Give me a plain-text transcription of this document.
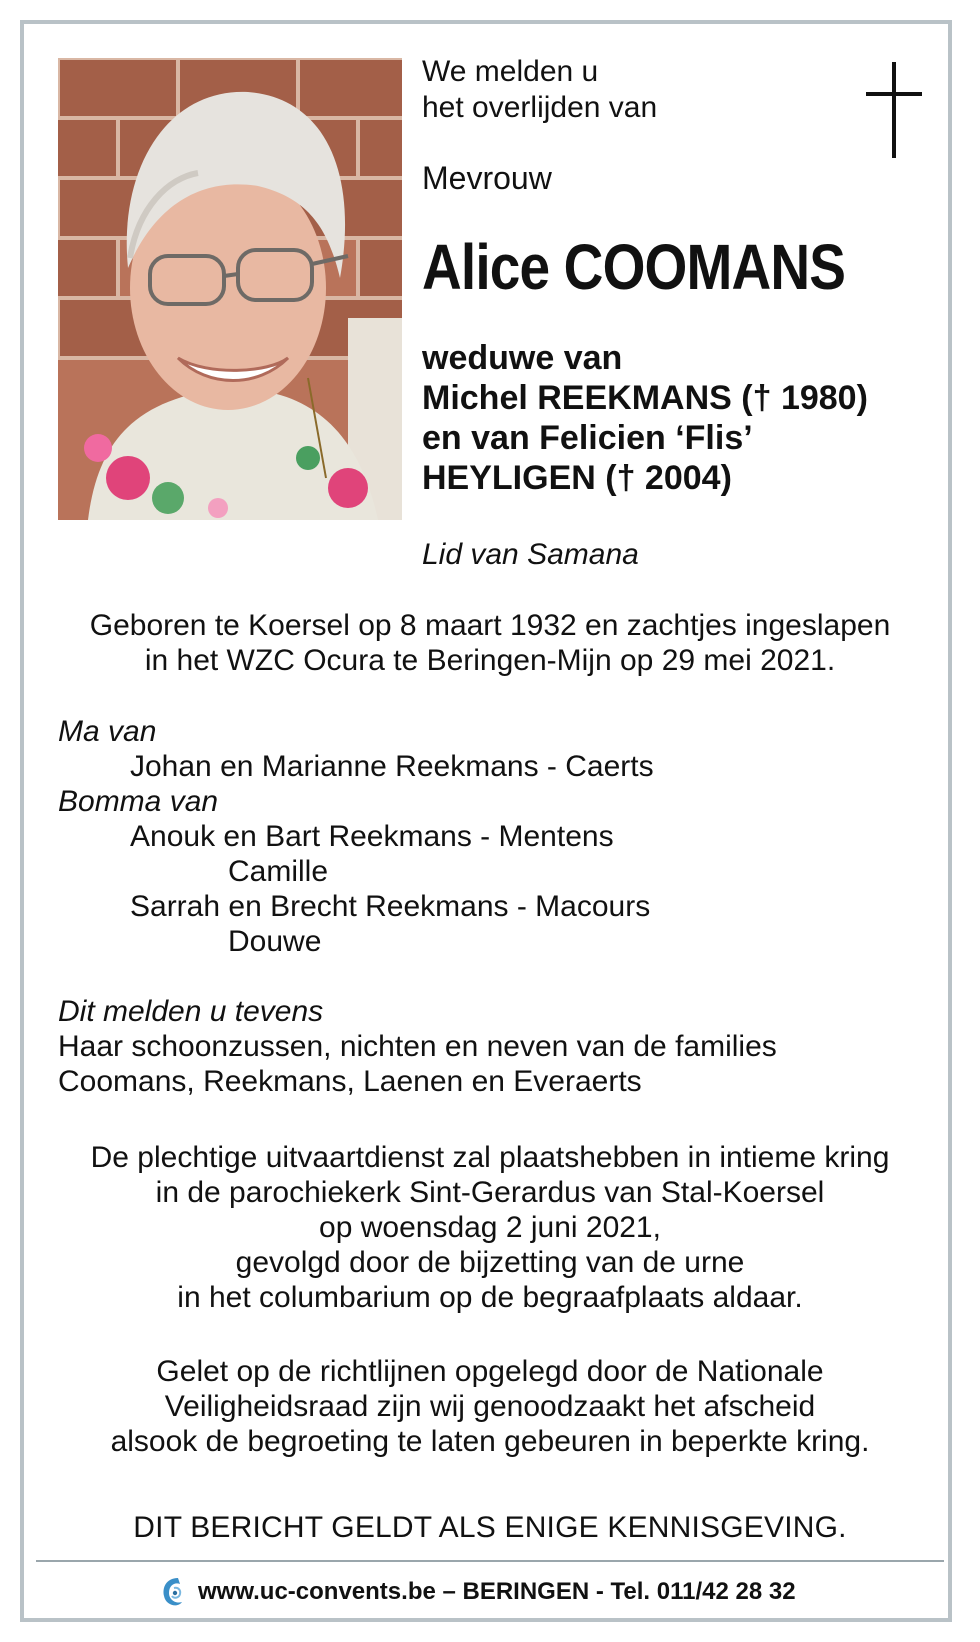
We melden u
het overlijden van

Mevrouw

Alice COOMANS

weduwe van
Michel REEKMANS († 1980)
en van Felicien ‘Flis’
HEYLIGEN († 2004)

Lid van Samana

Geboren te Koersel op 8 maart 1932 en zachtjes ingeslapen
in het WZC Ocura te Beringen-Mijn op 29 mei 2021.

Ma van

Johan en Marianne Reekmans - Caerts

Bomma van

Anouk en Bart Reekmans - Mentens

Camille

Sarrah en Brecht Reekmans - Macours

Douwe

Dit melden u tevens

Haar schoonzussen, nichten en neven van de families

Coomans, Reekmans, Laenen en Everaerts

De plechtige uitvaartdienst zal plaatshebben in intieme kring
in de parochiekerk Sint-Gerardus van Stal-Koersel
op woensdag 2 juni 2021,
gevolgd door de bijzetting van de urne
in het columbarium op de begraafplaats aldaar.
Gelet op de richtlijnen opgelegd door de Nationale
Veiligheidsraad zijn wij genoodzaakt het afscheid
alsook de begroeting te laten gebeuren in beperkte kring.
DIT BERICHT GELDT ALS ENIGE KENNISGEVING.
www.uc-convents.be – BERINGEN - Tel. 011/42 28 32
